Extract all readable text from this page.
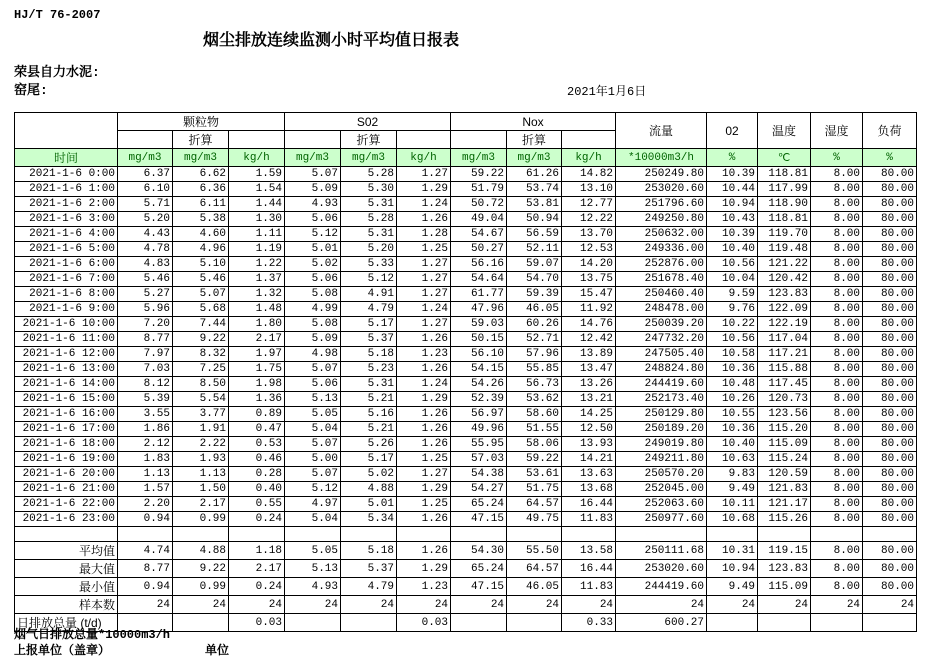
HJ/T 76-2007
烟尘排放连续监测小时平均值日报表
荣县自力水泥:
窑尾:	2021年1月6日
	颗粒物			S02			Nox			流量	02	温度	湿度	负荷
		折算			折算			折算						
时间	mg/m3	mg/m3	kg/h	mg/m3	mg/m3	kg/h	mg/m3	mg/m3	kg/h	*10000m3/h	%	℃	%	%
2021-1-6 0:00	6.37	6.62	1.59	5.07	5.28	1.27	59.22	61.26	14.82	250249.80	10.39	118.81	8.00	80.00
2021-1-6 1:00	6.10	6.36	1.54	5.09	5.30	1.29	51.79	53.74	13.10	253020.60	10.44	117.99	8.00	80.00
2021-1-6 2:00	5.71	6.11	1.44	4.93	5.31	1.24	50.72	53.81	12.77	251796.60	10.94	118.90	8.00	80.00
2021-1-6 3:00	5.20	5.38	1.30	5.06	5.28	1.26	49.04	50.94	12.22	249250.80	10.43	118.81	8.00	80.00
2021-1-6 4:00	4.43	4.60	1.11	5.12	5.31	1.28	54.67	56.59	13.70	250632.00	10.39	119.70	8.00	80.00
2021-1-6 5:00	4.78	4.96	1.19	5.01	5.20	1.25	50.27	52.11	12.53	249336.00	10.40	119.48	8.00	80.00
2021-1-6 6:00	4.83	5.10	1.22	5.02	5.33	1.27	56.16	59.07	14.20	252876.00	10.56	121.22	8.00	80.00
2021-1-6 7:00	5.46	5.46	1.37	5.06	5.12	1.27	54.64	54.70	13.75	251678.40	10.04	120.42	8.00	80.00
2021-1-6 8:00	5.27	5.07	1.32	5.08	4.91	1.27	61.77	59.39	15.47	250460.40	9.59	123.83	8.00	80.00
2021-1-6 9:00	5.96	5.68	1.48	4.99	4.79	1.24	47.96	46.05	11.92	248478.00	9.76	122.09	8.00	80.00
2021-1-6 10:00	7.20	7.44	1.80	5.08	5.17	1.27	59.03	60.26	14.76	250039.20	10.22	122.19	8.00	80.00
2021-1-6 11:00	8.77	9.22	2.17	5.09	5.37	1.26	50.15	52.71	12.42	247732.20	10.56	117.04	8.00	80.00
2021-1-6 12:00	7.97	8.32	1.97	4.98	5.18	1.23	56.10	57.96	13.89	247505.40	10.58	117.21	8.00	80.00
2021-1-6 13:00	7.03	7.25	1.75	5.07	5.23	1.26	54.15	55.85	13.47	248824.80	10.36	115.88	8.00	80.00
2021-1-6 14:00	8.12	8.50	1.98	5.06	5.31	1.24	54.26	56.73	13.26	244419.60	10.48	117.45	8.00	80.00
2021-1-6 15:00	5.39	5.54	1.36	5.13	5.21	1.29	52.39	53.62	13.21	252173.40	10.26	120.73	8.00	80.00
2021-1-6 16:00	3.55	3.77	0.89	5.05	5.16	1.26	56.97	58.60	14.25	250129.80	10.55	123.56	8.00	80.00
2021-1-6 17:00	1.86	1.91	0.47	5.04	5.21	1.26	49.96	51.55	12.50	250189.20	10.36	115.20	8.00	80.00
2021-1-6 18:00	2.12	2.22	0.53	5.07	5.26	1.26	55.95	58.06	13.93	249019.80	10.40	115.09	8.00	80.00
2021-1-6 19:00	1.83	1.93	0.46	5.00	5.17	1.25	57.03	59.22	14.21	249211.80	10.63	115.24	8.00	80.00
2021-1-6 20:00	1.13	1.13	0.28	5.07	5.02	1.27	54.38	53.61	13.63	250570.20	9.83	120.59	8.00	80.00
2021-1-6 21:00	1.57	1.50	0.40	5.12	4.88	1.29	54.27	51.75	13.68	252045.00	9.49	121.83	8.00	80.00
2021-1-6 22:00	2.20	2.17	0.55	4.97	5.01	1.25	65.24	64.57	16.44	252063.60	10.11	121.17	8.00	80.00
2021-1-6 23:00	0.94	0.99	0.24	5.04	5.34	1.26	47.15	49.75	11.83	250977.60	10.68	115.26	8.00	80.00

平均值	4.74	4.88	1.18	5.05	5.18	1.26	54.30	55.50	13.58	250111.68	10.31	119.15	8.00	80.00
最大值	8.77	9.22	2.17	5.13	5.37	1.29	65.24	64.57	16.44	253020.60	10.94	123.83	8.00	80.00
最小值	0.94	0.99	0.24	4.93	4.79	1.23	47.15	46.05	11.83	244419.60	9.49	115.09	8.00	80.00
样本数	24	24	24	24	24	24	24	24	24	24	24	24	24	24
日排放总量 (t/d)			0.03			0.03			0.33	600.27				
烟气日排放总量*10000m3/h
上报单位（盖章）	单位
